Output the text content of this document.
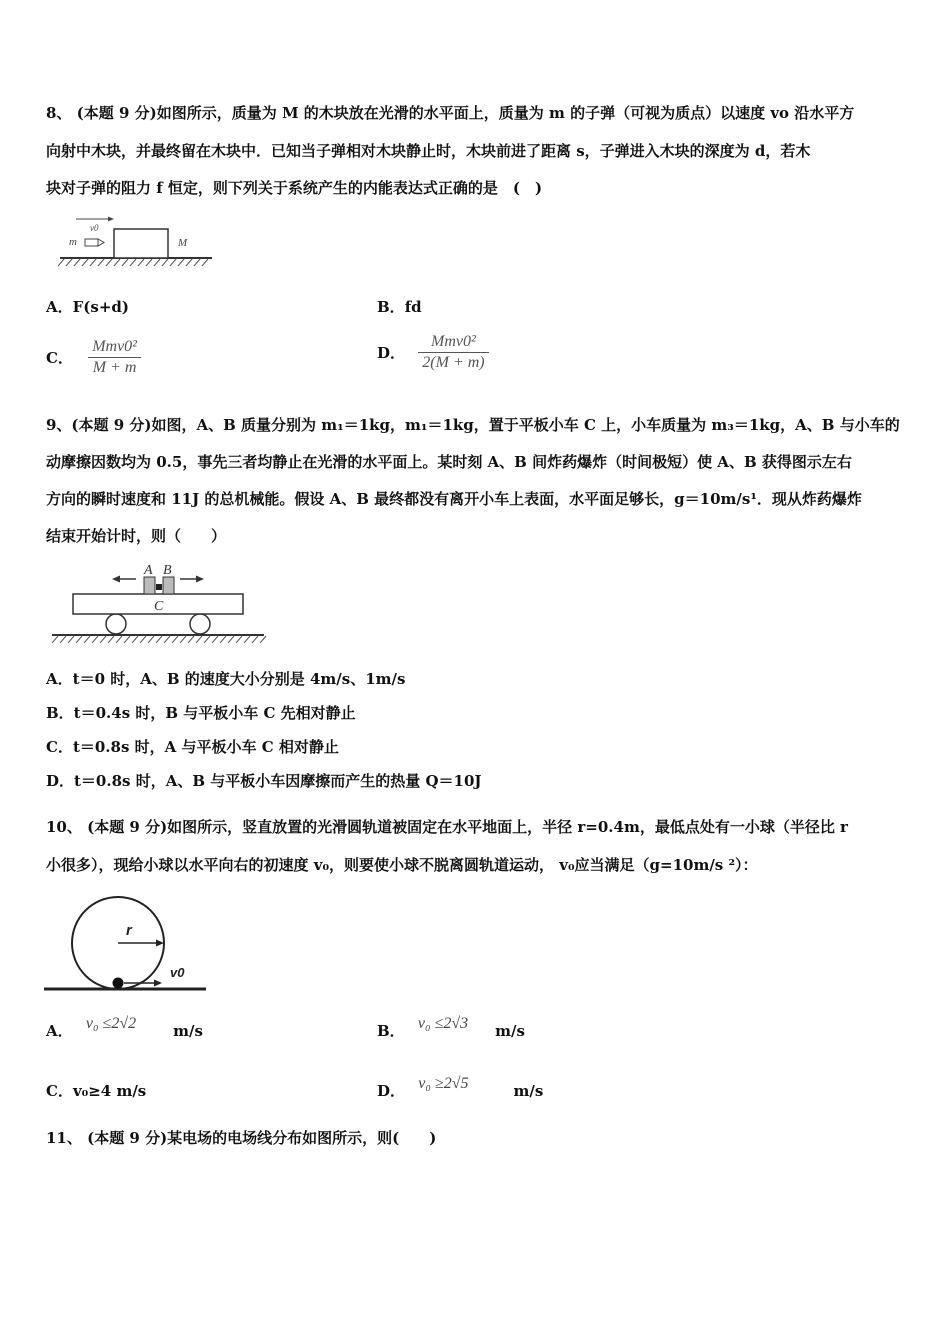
8、 (本题 9 分)如图所示，质量为 M 的木块放在光滑的水平面上，质量为 m 的子弹（可视为质点）以速度 vo 沿水平方
向射中木块，并最终留在木块中．已知当子弹相对木块静止时，木块前进了距离 s，子弹进入木块的深度为 d，若木
块对子弹的阻力 f 恒定，则下列关于系统产生的内能表达式正确的是　(　)
v0
m	M
A．F(s+d)	B．fd
C． $\frac{\text{Mmv0²}}{M + m}$	D． $\frac{\text{Mmv0²}}{2(M + m)}$
9、(本题 9 分)如图，A、B 质量分别为 m₁＝1kg，m₁＝1kg，置于平板小车 C 上，小车质量为 m₃＝1kg，A、B 与小车的
动摩擦因数均为 0.5，事先三者均静止在光滑的水平面上。某时刻 A、B 间炸药爆炸（时间极短）使 A、B 获得图示左右
方向的瞬时速度和 11J 的总机械能。假设 A、B 最终都没有离开小车上表面，水平面足够长，g＝10m/s¹．现从炸药爆炸
结束开始计时，则（　　）
A B
C
A．t＝0 时，A、B 的速度大小分别是 4m/s、1m/s
B．t＝0.4s 时，B 与平板小车 C 先相对静止
C．t＝0.8s 时，A 与平板小车 C 相对静止
D．t＝0.8s 时，A、B 与平板小车因摩擦而产生的热量 Q＝10J
10、 (本题 9 分)如图所示，竖直放置的光滑圆轨道被固定在水平地面上，半径 r=0.4m，最低点处有一小球（半径比 r
小很多），现给小球以水平向右的初速度 v₀，则要使小球不脱离圆轨道运动， v₀应当满足（g=10m/s ²）：
r
v0
A． v₀ ≤2√2 m/s	B． v₀ ≤2√3 m/s
C．v₀≥4 m/s	D． v₀ ≥2√5	m/s
11、 (本题 9 分)某电场的电场线分布如图所示，则(　　)
